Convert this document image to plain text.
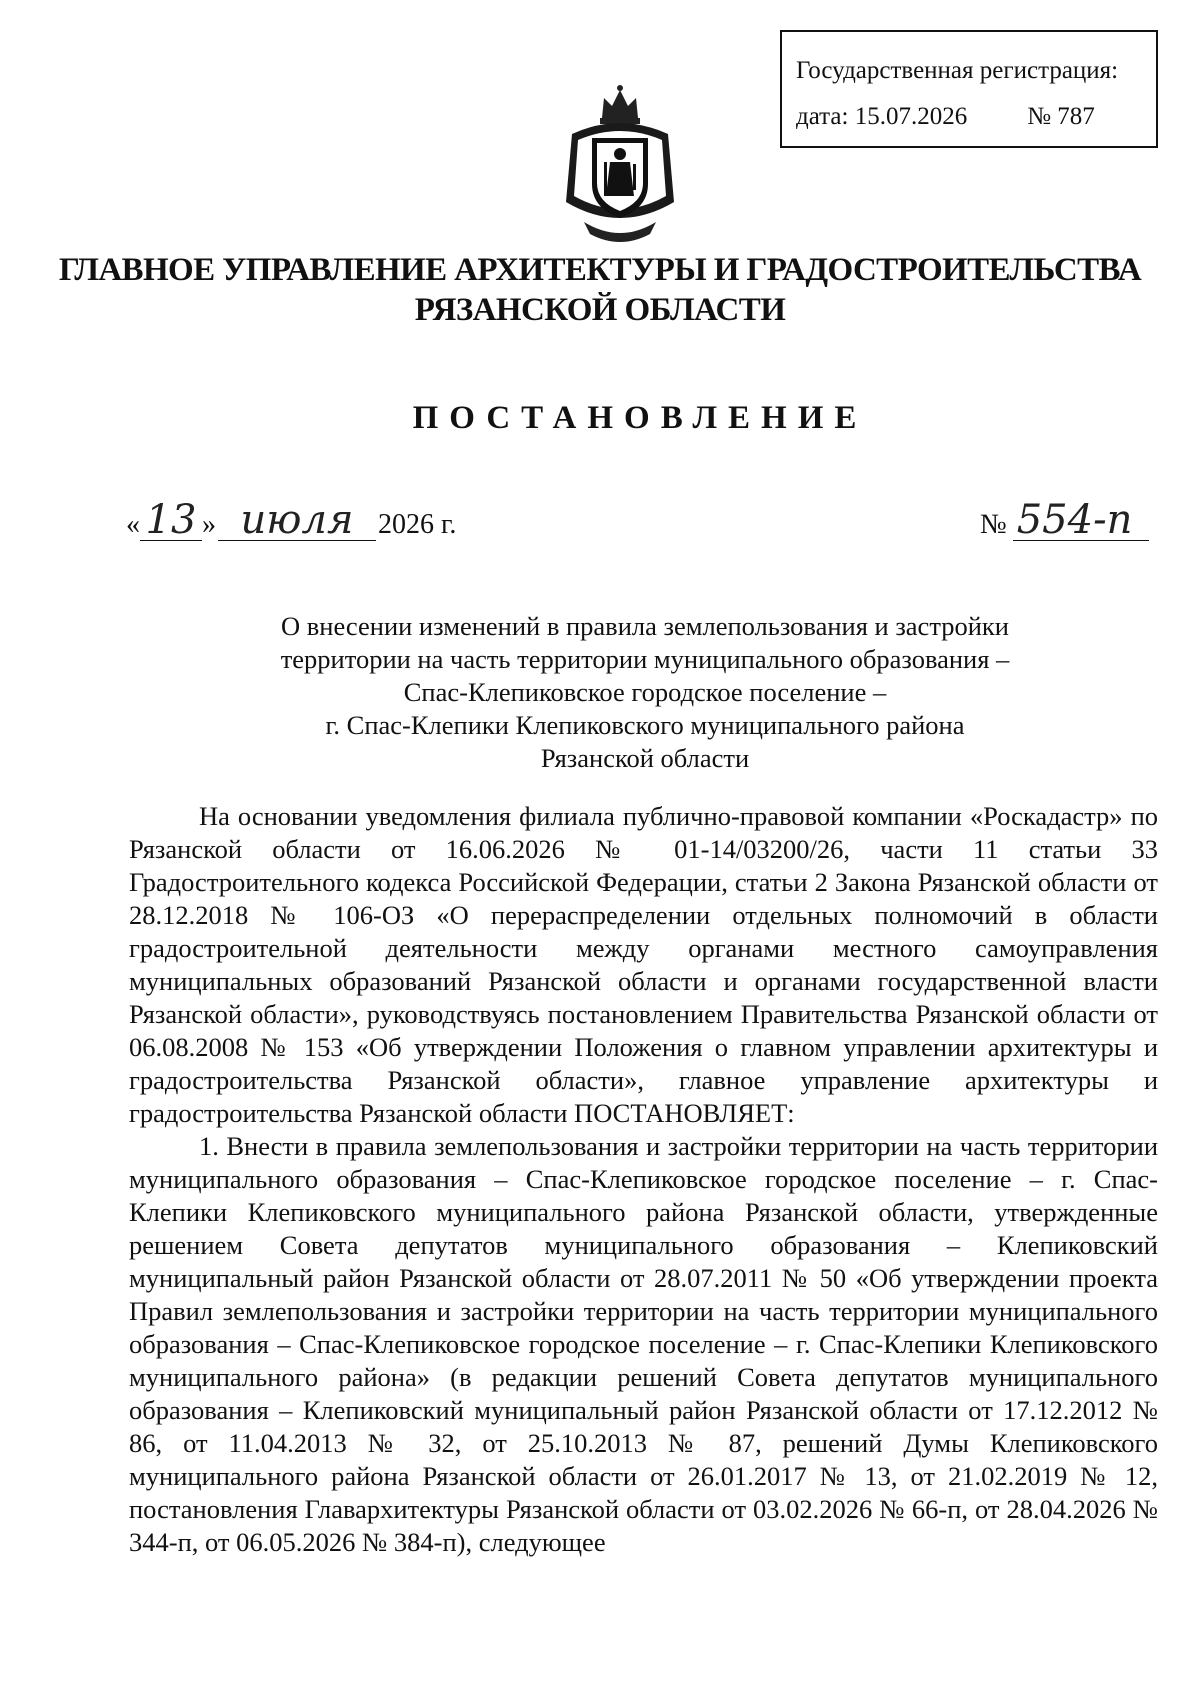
Государственная регистрация:
дата: 15.07.2026 № 787
ГЛАВНОЕ УПРАВЛЕНИЕ АРХИТЕКТУРЫ И ГРАДОСТРОИТЕЛЬСТВА
РЯЗАНСКОЙ ОБЛАСТИ
ПОСТАНОВЛЕНИЕ
« 13 » июля 2026 г.	№ 554-п
О внесении изменений в правила землепользования и застройки
территории на часть территории муниципального образования –
Спас-Клепиковское городское поселение –
г. Спас-Клепики Клепиковского муниципального района
Рязанской области

На основании уведомления филиала публично-правовой компании «Роскадастр» по Рязанской области от 16.06.2026 № 01-14/03200/26, части 11 статьи 33 Градостроительного кодекса Российской Федерации, статьи 2 Закона Рязанской области от 28.12.2018 № 106-ОЗ «О перераспределении отдельных полномочий в области градостроительной деятельности между органами местного самоуправления муниципальных образований Рязанской области и органами государственной власти Рязанской области», руководствуясь постановлением Правительства Рязанской области от 06.08.2008 № 153 «Об утверждении Положения о главном управлении архитектуры и градостроительства Рязанской области», главное управление архитектуры и градостроительства Рязанской области ПОСТАНОВЛЯЕТ:

1. Внести в правила землепользования и застройки территории на часть территории муниципального образования – Спас-Клепиковское городское поселение – г. Спас-Клепики Клепиковского муниципального района Рязанской области, утвержденные решением Совета депутатов муниципального образования – Клепиковский муниципальный район Рязанской области от 28.07.2011 № 50 «Об утверждении проекта Правил землепользования и застройки территории на часть территории муниципального образования – Спас-Клепиковское городское поселение – г. Спас-Клепики Клепиковского муниципального района» (в редакции решений Совета депутатов муниципального образования – Клепиковский муниципальный район Рязанской области от 17.12.2012 № 86, от 11.04.2013 № 32, от 25.10.2013 № 87, решений Думы Клепиковского муниципального района Рязанской области от 26.01.2017 № 13, от 21.02.2019 № 12, постановления Главархитектуры Рязанской области от 03.02.2026 № 66-п, от 28.04.2026 № 344-п, от 06.05.2026 № 384-п), следующее
